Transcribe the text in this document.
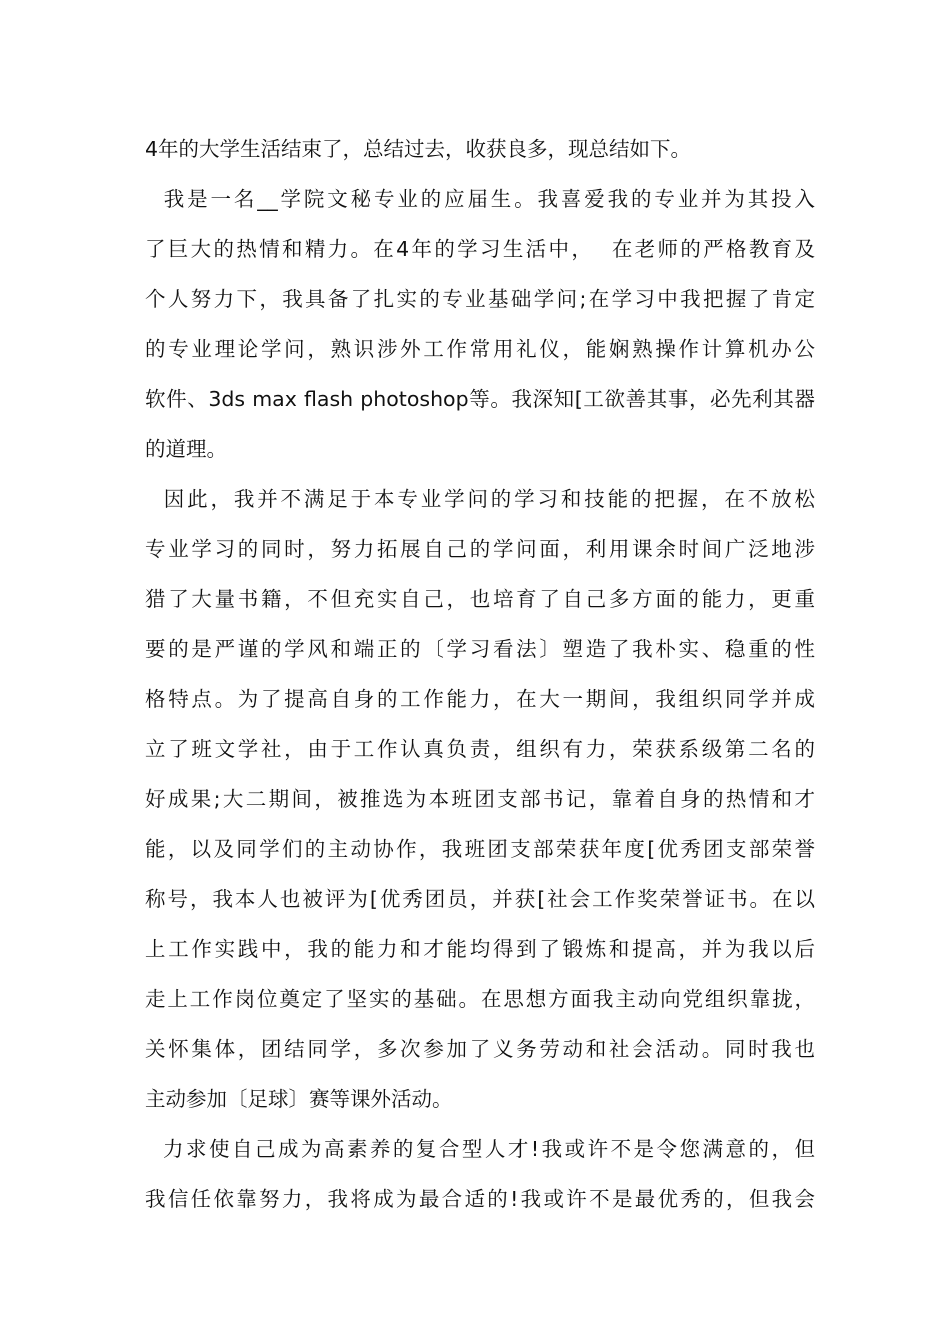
4年的大学生活结束了，总结过去，收获良多，现总结如下。
我是一名__学院文秘专业的应届生。我喜爱我的专业并为其投入
了巨大的热情和精力。在4年的学习生活中，  在老师的严格教育及
个人努力下，我具备了扎实的专业基础学问;在学习中我把握了肯定
的专业理论学问，熟识涉外工作常用礼仪，能娴熟操作计算机办公
软件、3ds max flash photoshop等。我深知[工欲善其事，必先利其器
的道理。
因此，我并不满足于本专业学问的学习和技能的把握，在不放松
专业学习的同时，努力拓展自己的学问面，利用课余时间广泛地涉
猎了大量书籍，不但充实自己，也培育了自己多方面的能力，更重
要的是严谨的学风和端正的〔学习看法〕塑造了我朴实、稳重的性
格特点。为了提高自身的工作能力，在大一期间，我组织同学并成
立了班文学社，由于工作认真负责，组织有力，荣获系级第二名的
好成果;大二期间，被推选为本班团支部书记，靠着自身的热情和才
能，以及同学们的主动协作，我班团支部荣获年度[优秀团支部荣誉
称号，我本人也被评为[优秀团员，并获[社会工作奖荣誉证书。在以
上工作实践中，我的能力和才能均得到了锻炼和提高，并为我以后
走上工作岗位奠定了坚实的基础。在思想方面我主动向党组织靠拢，
关怀集体，团结同学，多次参加了义务劳动和社会活动。同时我也
主动参加〔足球〕赛等课外活动。
力求使自己成为高素养的复合型人才!我或许不是令您满意的，但
我信任依靠努力，我将成为最合适的!我或许不是最优秀的，但我会
